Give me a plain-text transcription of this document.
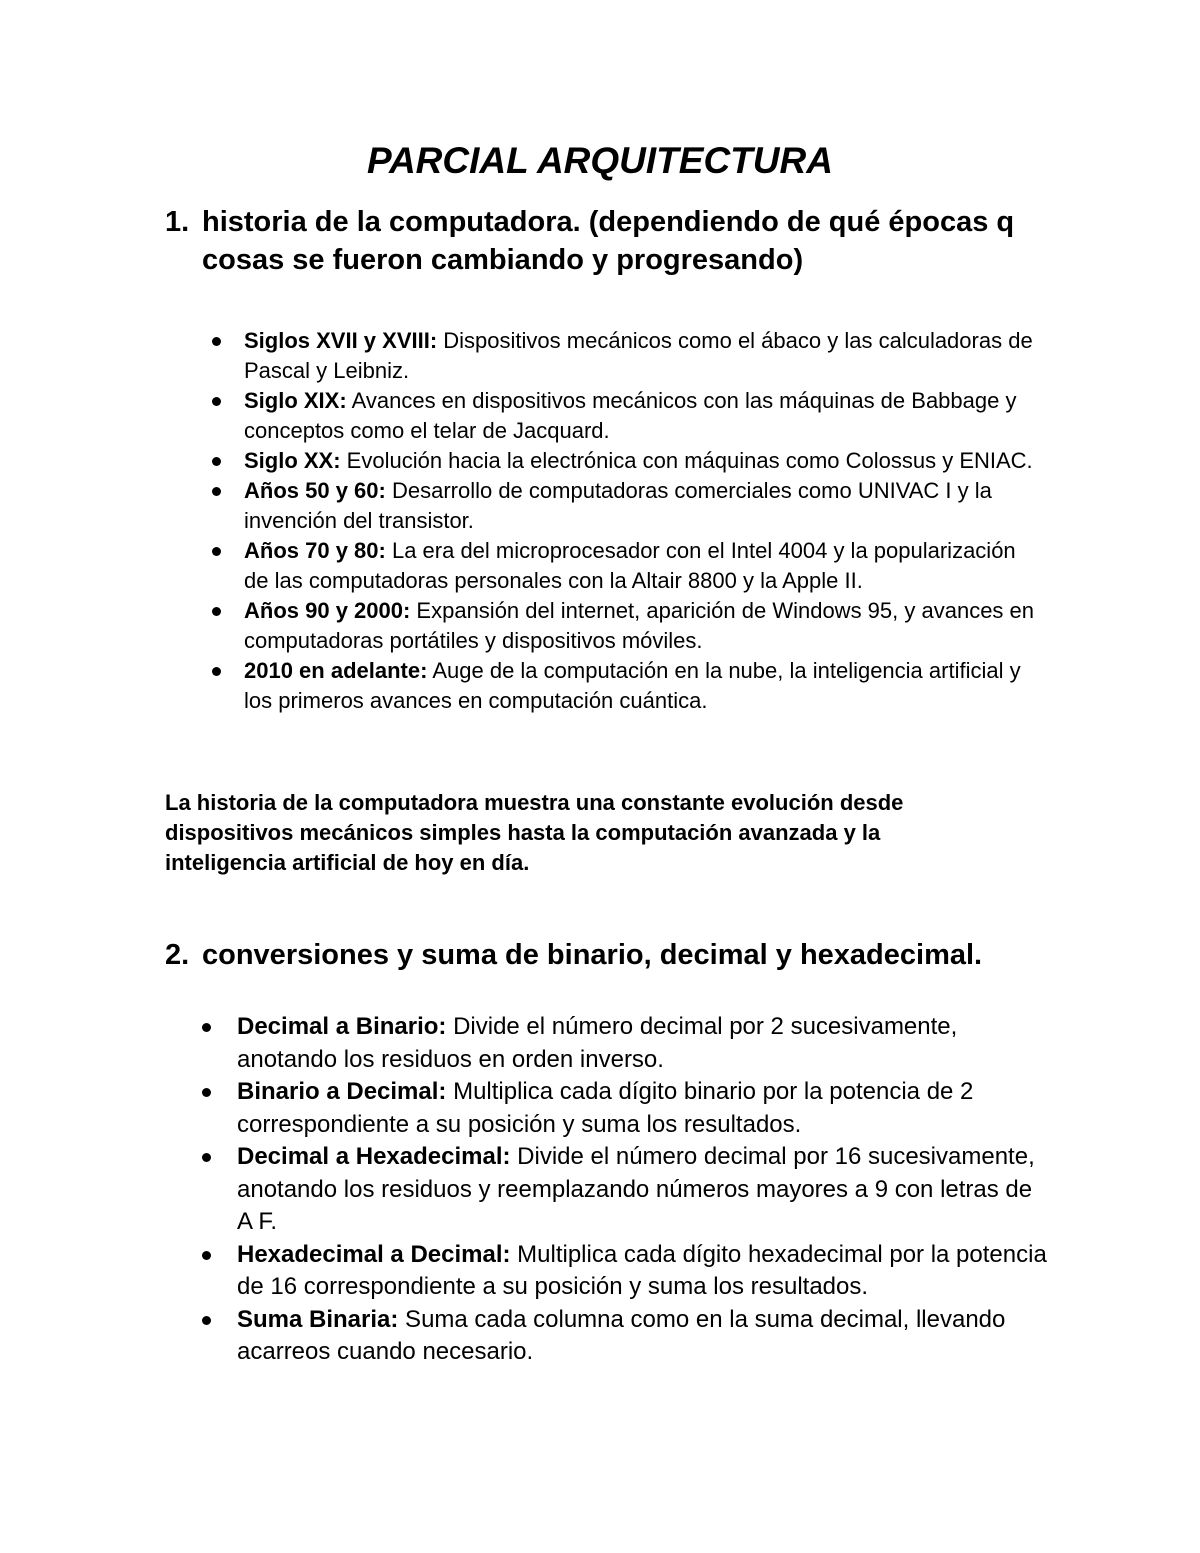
PARCIAL ARQUITECTURA
1. historia de la computadora. (dependiendo de qué épocas q cosas se fueron cambiando y progresando)
Siglos XVII y XVIII: Dispositivos mecánicos como el ábaco y las calculadoras de Pascal y Leibniz.
Siglo XIX: Avances en dispositivos mecánicos con las máquinas de Babbage y conceptos como el telar de Jacquard.
Siglo XX: Evolución hacia la electrónica con máquinas como Colossus y ENIAC.
Años 50 y 60: Desarrollo de computadoras comerciales como UNIVAC I y la invención del transistor.
Años 70 y 80: La era del microprocesador con el Intel 4004 y la popularización de las computadoras personales con la Altair 8800 y la Apple II.
Años 90 y 2000: Expansión del internet, aparición de Windows 95, y avances en computadoras portátiles y dispositivos móviles.
2010 en adelante: Auge de la computación en la nube, la inteligencia artificial y los primeros avances en computación cuántica.

La historia de la computadora muestra una constante evolución desde dispositivos mecánicos simples hasta la computación avanzada y la inteligencia artificial de hoy en día.

2. conversiones y suma de binario, decimal y hexadecimal.
Decimal a Binario: Divide el número decimal por 2 sucesivamente, anotando los residuos en orden inverso.
Binario a Decimal: Multiplica cada dígito binario por la potencia de 2 correspondiente a su posición y suma los resultados.
Decimal a Hexadecimal: Divide el número decimal por 16 sucesivamente, anotando los residuos y reemplazando números mayores a 9 con letras de A F.
Hexadecimal a Decimal: Multiplica cada dígito hexadecimal por la potencia de 16 correspondiente a su posición y suma los resultados.
Suma Binaria: Suma cada columna como en la suma decimal, llevando acarreos cuando necesario.
